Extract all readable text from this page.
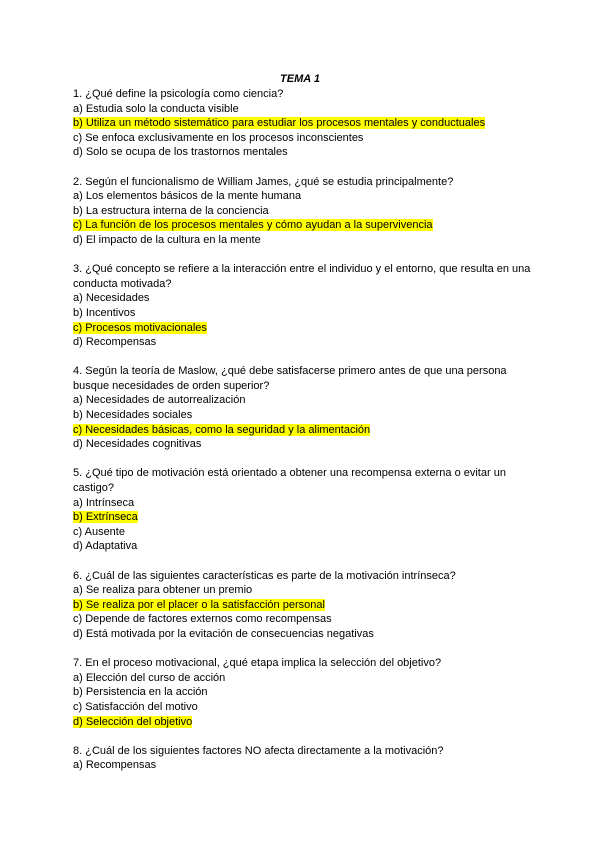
TEMA 1
1. ¿Qué define la psicología como ciencia?
a) Estudia solo la conducta visible
b) Utiliza un método sistemático para estudiar los procesos mentales y conductuales
c) Se enfoca exclusivamente en los procesos inconscientes
d) Solo se ocupa de los trastornos mentales
2. Según el funcionalismo de William James, ¿qué se estudia principalmente?
a) Los elementos básicos de la mente humana
b) La estructura interna de la conciencia
c) La función de los procesos mentales y cómo ayudan a la supervivencia
d) El impacto de la cultura en la mente
3. ¿Qué concepto se refiere a la interacción entre el individuo y el entorno, que resulta en una conducta motivada?
a) Necesidades
b) Incentivos
c) Procesos motivacionales
d) Recompensas
4. Según la teoría de Maslow, ¿qué debe satisfacerse primero antes de que una persona busque necesidades de orden superior?
a) Necesidades de autorrealización
b) Necesidades sociales
c) Necesidades básicas, como la seguridad y la alimentación
d) Necesidades cognitivas
5. ¿Qué tipo de motivación está orientado a obtener una recompensa externa o evitar un castigo?
a) Intrínseca
b) Extrínseca
c) Ausente
d) Adaptativa
6. ¿Cuál de las siguientes características es parte de la motivación intrínseca?
a) Se realiza para obtener un premio
b) Se realiza por el placer o la satisfacción personal
c) Depende de factores externos como recompensas
d) Está motivada por la evitación de consecuencias negativas
7. En el proceso motivacional, ¿qué etapa implica la selección del objetivo?
a) Elección del curso de acción
b) Persistencia en la acción
c) Satisfacción del motivo
d) Selección del objetivo
8. ¿Cuál de los siguientes factores NO afecta directamente a la motivación?
a) Recompensas
